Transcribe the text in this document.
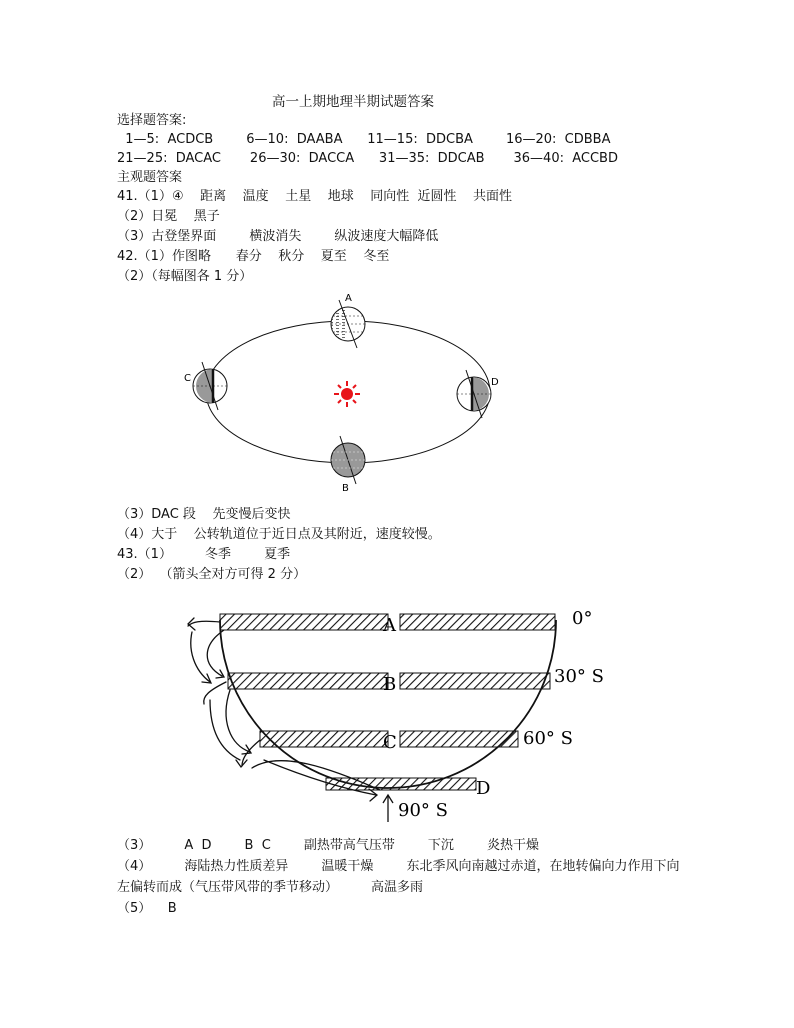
高一上期地理半期试题答案
选择题答案:
1—5:  ACDCB        6—10:  DAABA      11—15:  DDCBA        16—20:  CDBBA
21—25:  DACAC       26—30:  DACCA      31—35:  DDCAB       36—40:  ACCBD
主观题答案
41.（1）④    距离    温度    土星    地球    同向性  近圆性    共面性
（2）日冕    黑子
（3）古登堡界面        横波消失        纵波速度大幅降低
42.（1）作图略      春分    秋分    夏至    冬至
（2）（每幅图各 1 分）
A
B
C	D
（3）DAC 段    先变慢后变快
（4）大于    公转轨道位于近日点及其附近，速度较慢。
43.（1）        冬季        夏季
（2）  （箭头全对方可得 2 分）
A
B
C
D
0°
30° S
60° S
90° S
（3）        A  D        B  C        副热带高气压带        下沉        炎热干燥
（4）        海陆热力性质差异        温暖干燥        东北季风向南越过赤道，在地转偏向力作用下向
左偏转而成（气压带风带的季节移动）        高温多雨
（5）    B
